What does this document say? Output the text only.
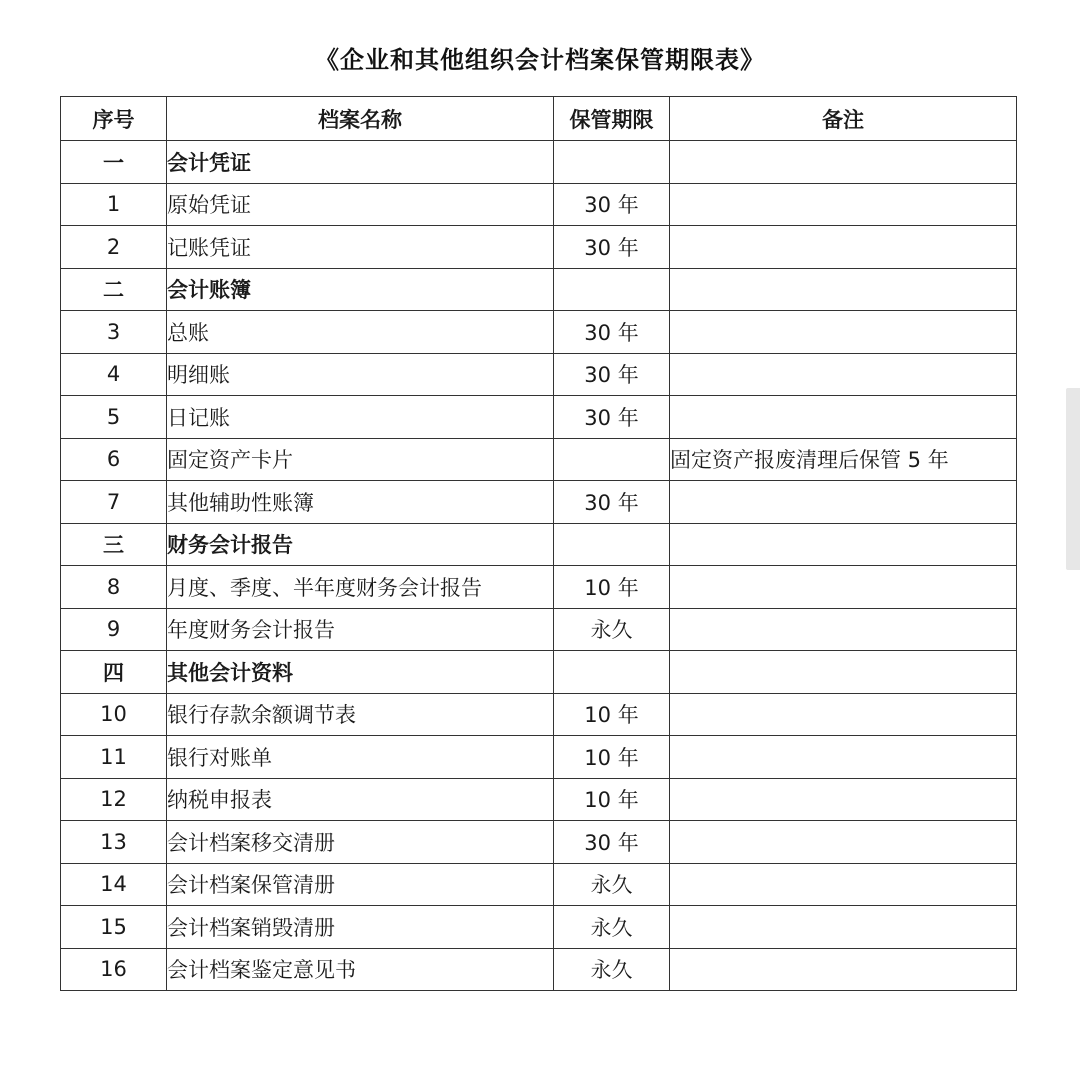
《企业和其他组织会计档案保管期限表》
序号	档案名称	保管期限	备注
一	会计凭证		
1	原始凭证	30 年	
2	记账凭证	30 年	
二	会计账簿		
3	总账	30 年	
4	明细账	30 年	
5	日记账	30 年	
6	固定资产卡片		固定资产报废清理后保管 5 年
7	其他辅助性账簿	30 年	
三	财务会计报告		
8	月度、季度、半年度财务会计报告	10 年	
9	年度财务会计报告	永久	
四	其他会计资料		
10	银行存款余额调节表	10 年	
11	银行对账单	10 年	
12	纳税申报表	10 年	
13	会计档案移交清册	30 年	
14	会计档案保管清册	永久	
15	会计档案销毁清册	永久	
16	会计档案鉴定意见书	永久	
